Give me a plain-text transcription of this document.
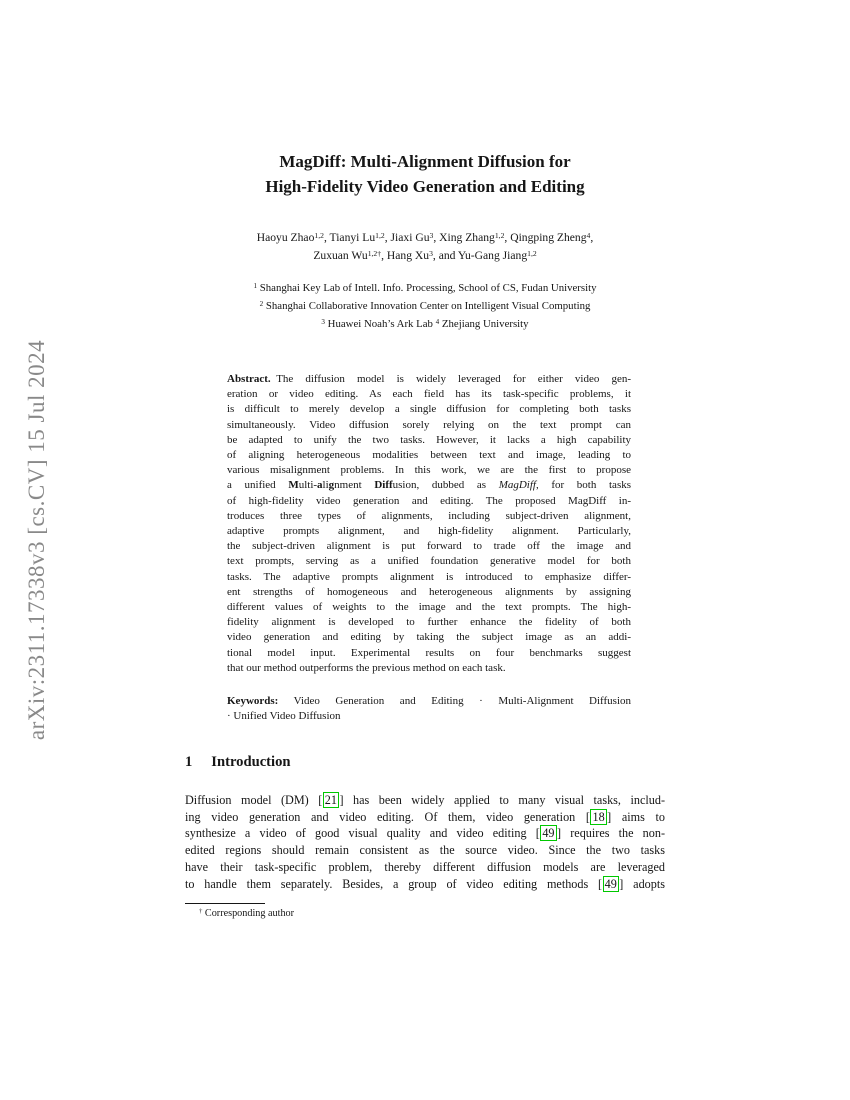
arXiv:2311.17338v3 [cs.CV] 15 Jul 2024
MagDiff: Multi-Alignment Diffusion for
High-Fidelity Video Generation and Editing
Haoyu Zhao$^{1,2}$, Tianyi Lu$^{1,2}$, Jiaxi Gu$^3$, Xing Zhang$^{1,2}$, Qingping Zheng$^4$,
Zuxuan $Wu^{1,2\dagger}$, Hang Xu$^3$, and Yu-Gang Jiang$^{1,2}$
$^1$ Shanghai Key Lab of Intell. Info. Processing, School of CS, Fudan University
$^2$ Shanghai Collaborative Innovation Center on Intelligent Visual Computing
$^3$ Huawei Noah’s Ark Lab $^4$ Zhejiang University
Abstract. The diffusion model is widely leveraged for either video gen-
eration or video editing. As each field has its task-specific problems, it
is difficult to merely develop a single diffusion for completing both tasks
simultaneously. Video diffusion sorely relying on the text prompt can
be adapted to unify the two tasks. However, it lacks a high capability
of aligning heterogeneous modalities between text and image, leading to
various misalignment problems. In this work, we are the first to propose
a unified Multi-alignment Diffusion, dubbed as MagDiff, for both tasks
of high-fidelity video generation and editing. The proposed MagDiff in-
troduces three types of alignments, including subject-driven alignment,
adaptive prompts alignment, and high-fidelity alignment. Particularly,
the subject-driven alignment is put forward to trade off the image and
text prompts, serving as a unified foundation generative model for both
tasks. The adaptive prompts alignment is introduced to emphasize differ-
ent strengths of homogeneous and heterogeneous alignments by assigning
different values of weights to the image and the text prompts. The high-
fidelity alignment is developed to further enhance the fidelity of both
video generation and editing by taking the subject image as an addi-
tional model input. Experimental results on four benchmarks suggest
that our method outperforms the previous method on each task.
Keywords: Video Generation and Editing · Multi-Alignment Diffusion
· Unified Video Diffusion
1 Introduction
Diffusion model (DM) [ 21 ] has been widely applied to many visual tasks, includ-
ing video generation and video editing. Of them, video generation [ 18 ] aims to
synthesize a video of good visual quality and video editing [ 49 ] requires the non-
edited regions should remain consistent as the source video. Since the two tasks
have their task-specific problem, thereby different diffusion models are leveraged
to handle them separately. Besides, a group of video editing methods [ 49 ] adopts
† Corresponding author
